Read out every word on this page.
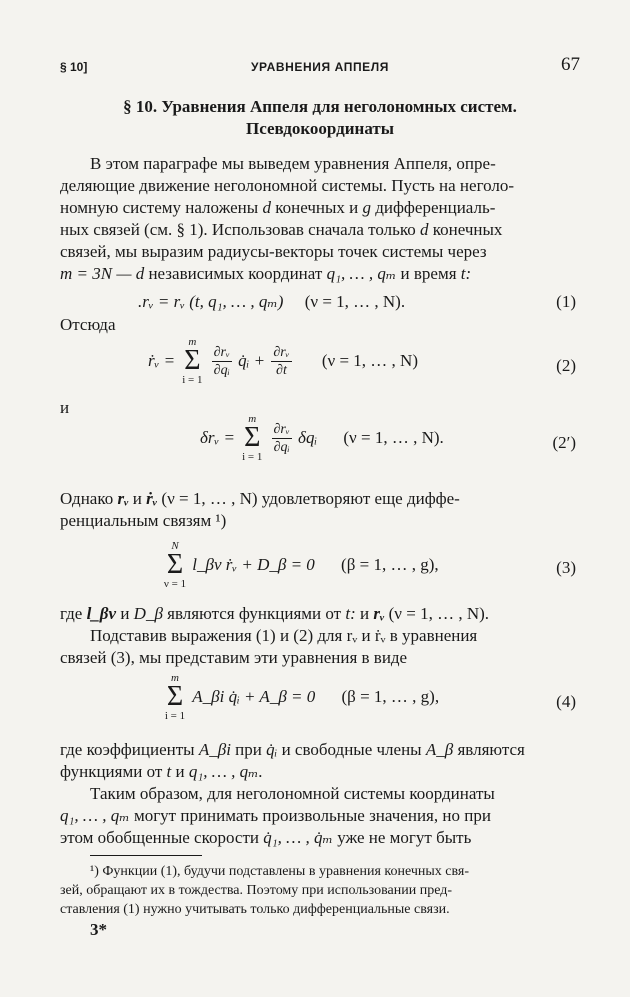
§ 10]	УРАВНЕНИЯ АППЕЛЯ	67
§ 10. Уравнения Аппеля для неголономных систем.
Псевдокоординаты
В этом параграфе мы выведем уравнения Аппеля, опре-
деляющие движение неголономной системы. Пусть на неголо-
номную систему наложены d конечных и g дифференциаль-
ных связей (см. § 1). Использовав сначала только d конечных
связей, мы выразим радиусы-векторы точек системы через
m = 3N — d независимых координат q₁, … , qₘ и время t:
.rᵥ = rᵥ (t, q₁, … , qₘ) (ν = 1, … , N).	(1)
Отсюда
ṙᵥ =
m
Σ
i = 1

$\frac{\text{∂rᵥ}}{\text{∂qᵢ}}$ q̇ᵢ + $\frac{\text{∂rᵥ}}{\partial t} (\nu = 1$, … , N)	(2)
и
δrᵥ =
m
Σ
i = 1

$\frac{\text{∂rᵥ}}{\text{∂qᵢ}}$ δqᵢ (ν = 1, … , N).	(2′)
Однако rᵥ и ṙᵥ (ν = 1, … , N) удовлетворяют еще диффе-
ренциальным связям ¹)
N
Σ
ν = 1
l_βν ṙᵥ + D_β = 0 (β = 1, … , g),	(3)
где l_βν и D_β являются функциями от t: и rᵥ (ν = 1, … , N).
Подставив выражения (1) и (2) для rᵥ и ṙᵥ в уравнения
связей (3), мы представим эти уравнения в виде
m
Σ
i = 1
A_βi q̇ᵢ + A_β = 0 (β = 1, … , g),	(4)
где коэффициенты A_βi при q̇ᵢ и свободные члены A_β являются
функциями от t и q₁, … , qₘ.
Таким образом, для неголономной системы координаты
q₁, … , qₘ могут принимать произвольные значения, но при
этом обобщенные скорости q̇₁, … , q̇ₘ уже не могут быть
¹) Функции (1), будучи подставлены в уравнения конечных свя-
зей, обращают их в тождества. Поэтому при использовании пред-
ставления (1) нужно учитывать только дифференциальные связи.
3*
